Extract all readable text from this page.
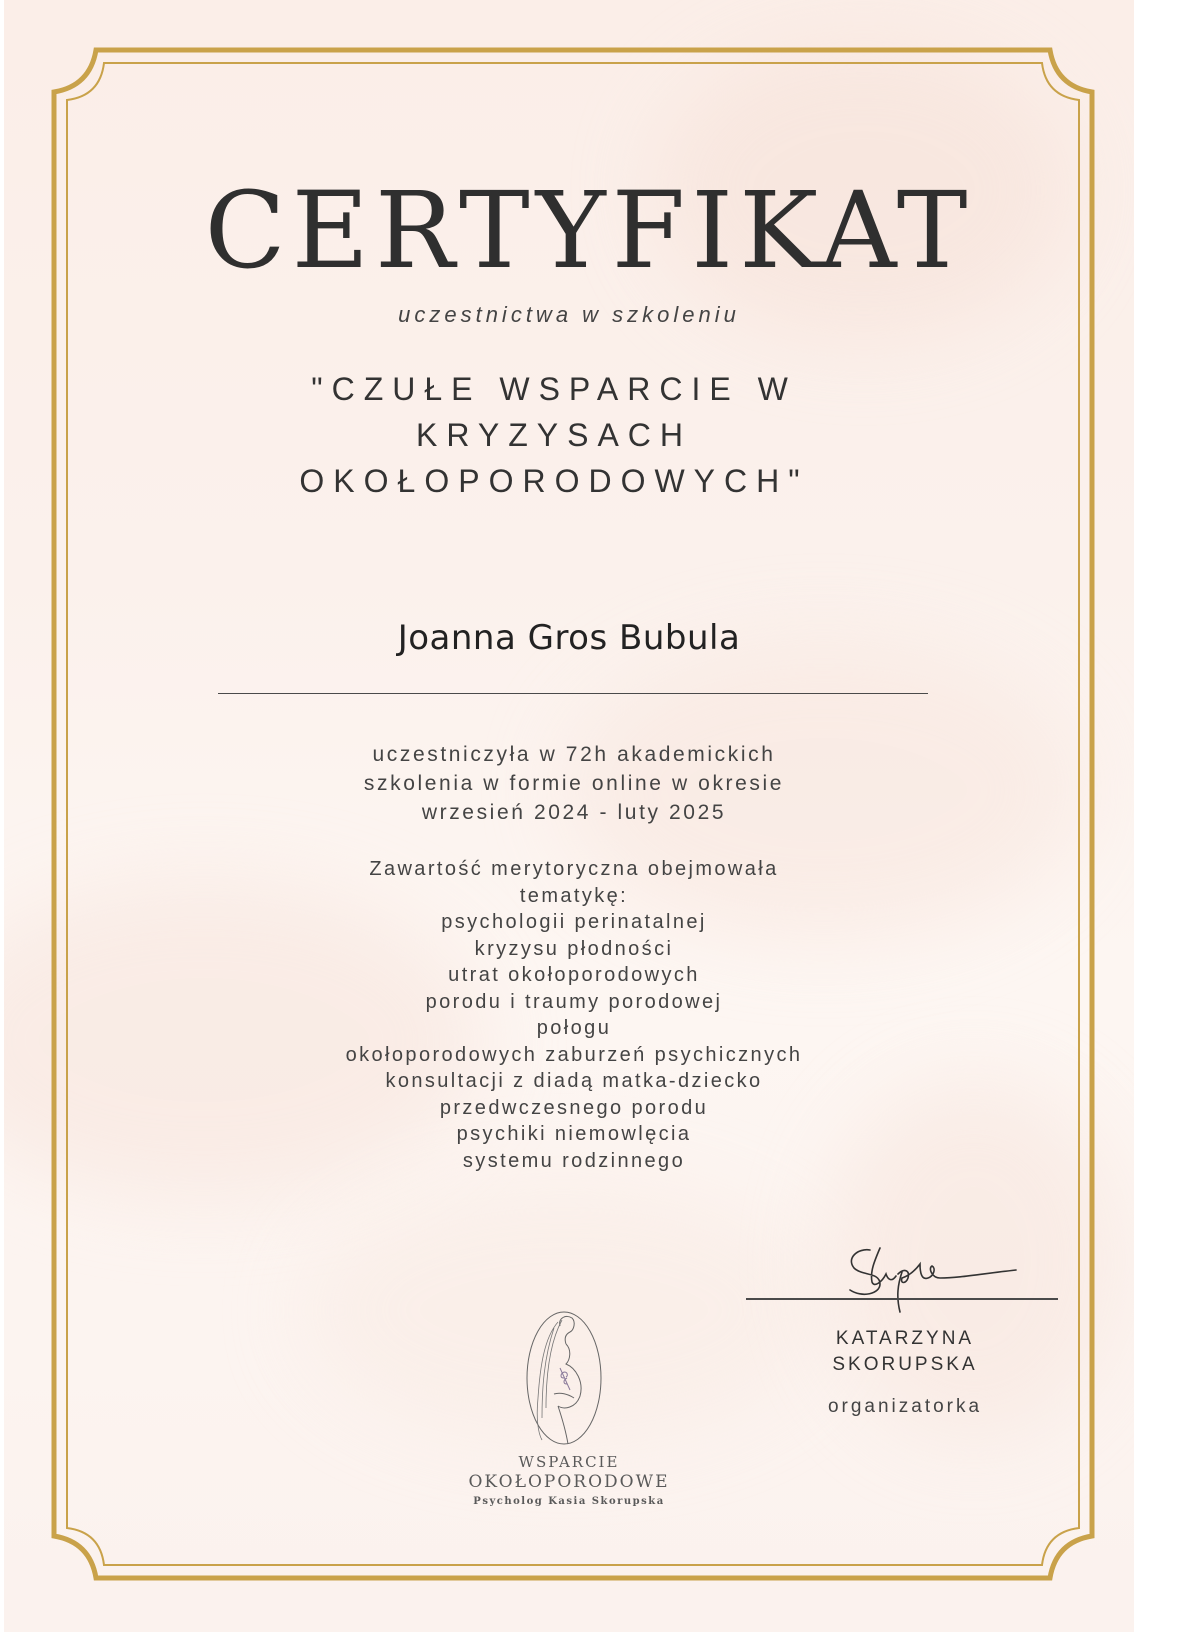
CERTYFIKAT
uczestnictwa w szkoleniu
"CZUŁE WSPARCIE W
KRYZYSACH
OKOŁOPORODOWYCH"
Joanna Gros Bubula
uczestniczyła w 72h akademickich
szkolenia w formie online w okresie
wrzesień 2024 - luty 2025
Zawartość merytoryczna obejmowała
tematykę:
psychologii perinatalnej
kryzysu płodności
utrat okołoporodowych
porodu i traumy porodowej
połogu
okołoporodowych zaburzeń psychicznych
konsultacji z diadą matka-dziecko
przedwczesnego porodu
psychiki niemowlęcia
systemu rodzinnego
KATARZYNA
SKORUPSKA
organizatorka
WSPARCIE
OKOŁOPORODOWE
Psycholog Kasia Skorupska
